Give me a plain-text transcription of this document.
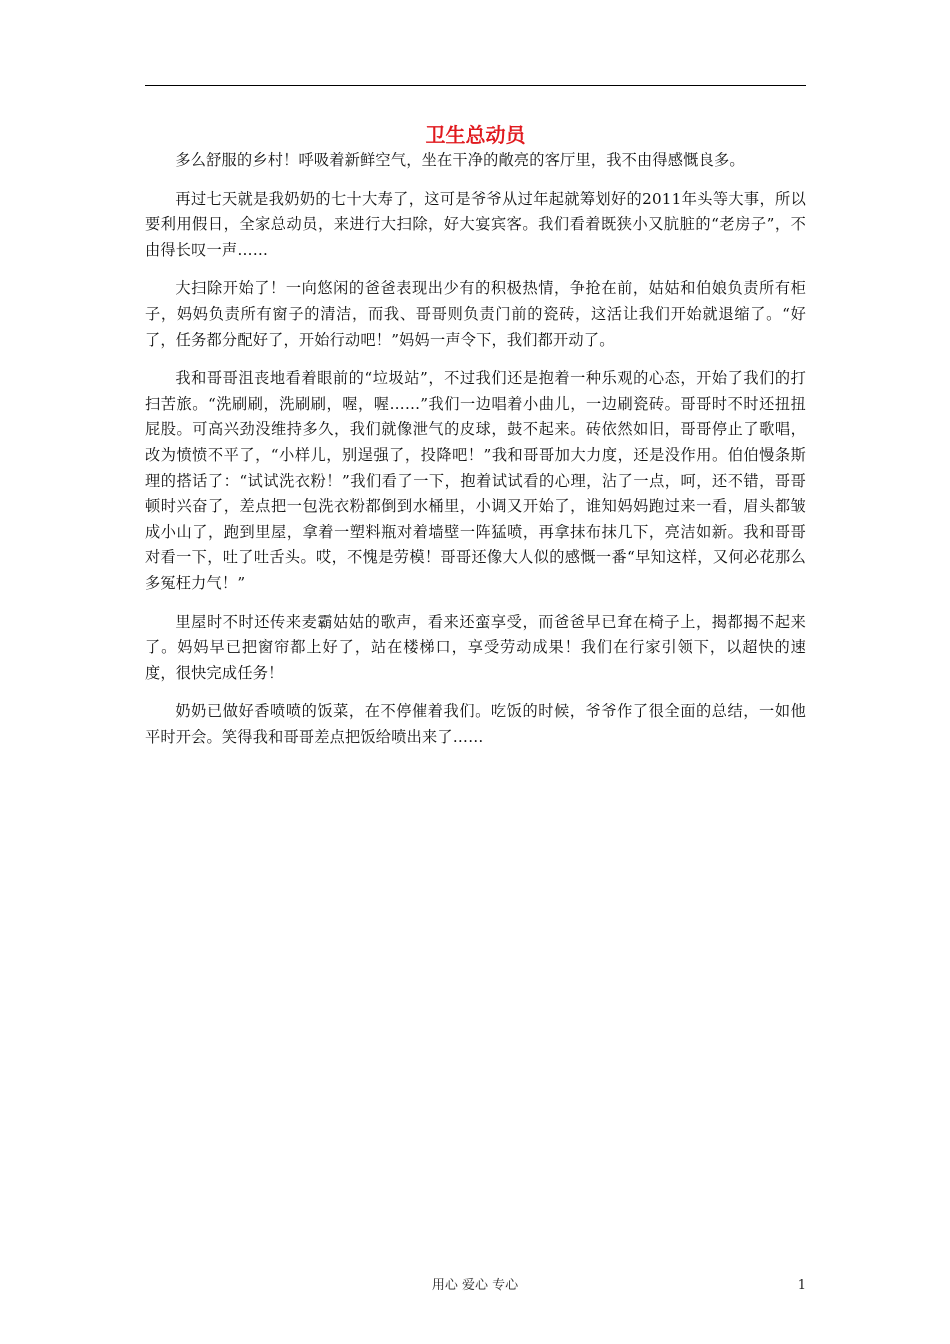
卫生总动员

多么舒服的乡村！呼吸着新鲜空气，坐在干净的敞亮的客厅里，我不由得感慨良多。

再过七天就是我奶奶的七十大寿了，这可是爷爷从过年起就筹划好的2011年头等大事，所以要利用假日，全家总动员，来进行大扫除，好大宴宾客。我们看着既狭小又肮脏的“老房子”，不由得长叹一声……

大扫除开始了！一向悠闲的爸爸表现出少有的积极热情，争抢在前，姑姑和伯娘负责所有柜子，妈妈负责所有窗子的清洁，而我、哥哥则负责门前的瓷砖，这活让我们开始就退缩了。“好了，任务都分配好了，开始行动吧！”妈妈一声令下，我们都开动了。

我和哥哥沮丧地看着眼前的“垃圾站”，不过我们还是抱着一种乐观的心态，开始了我们的打扫苦旅。“洗刷刷，洗刷刷，喔，喔……”我们一边唱着小曲儿，一边刷瓷砖。哥哥时不时还扭扭屁股。可高兴劲没维持多久，我们就像泄气的皮球，鼓不起来。砖依然如旧，哥哥停止了歌唱，改为愤愤不平了，“小样儿，别逞强了，投降吧！”我和哥哥加大力度，还是没作用。伯伯慢条斯理的搭话了：“试试洗衣粉！”我们看了一下，抱着试试看的心理，沾了一点，呵，还不错，哥哥顿时兴奋了，差点把一包洗衣粉都倒到水桶里，小调又开始了，谁知妈妈跑过来一看，眉头都皱成小山了，跑到里屋，拿着一塑料瓶对着墙壁一阵猛喷，再拿抹布抹几下，亮洁如新。我和哥哥对看一下，吐了吐舌头。哎，不愧是劳模！哥哥还像大人似的感慨一番“早知这样，又何必花那么多冤枉力气！”

里屋时不时还传来麦霸姑姑的歌声，看来还蛮享受，而爸爸早已耷在椅子上，揭都揭不起来了。妈妈早已把窗帘都上好了，站在楼梯口，享受劳动成果！我们在行家引领下，以超快的速度，很快完成任务！

奶奶已做好香喷喷的饭菜，在不停催着我们。吃饭的时候，爷爷作了很全面的总结，一如他平时开会。笑得我和哥哥差点把饭给喷出来了……

用心 爱心 专心	1
